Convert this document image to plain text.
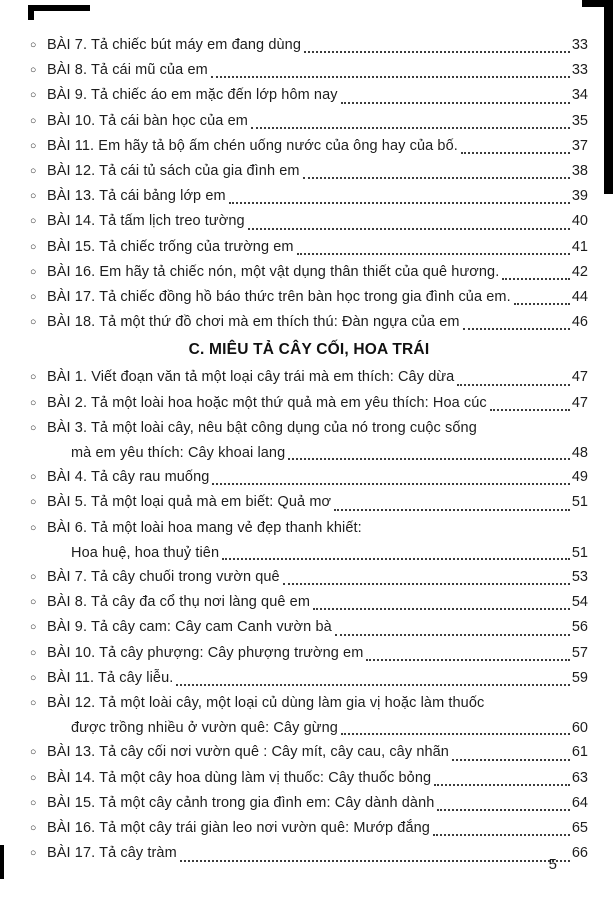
○ BÀI 7. Tả chiếc bút máy em đang dùng	33
○ BÀI 8. Tả cái mũ của em	33
○ BÀI 9. Tả chiếc áo em mặc đến lớp hôm nay	34
○ BÀI 10. Tả cái bàn học của em	35
○ BÀI 11. Em hãy tả bộ ấm chén uống nước của ông hay của bố.	37
○ BÀI 12. Tả cái tủ sách của gia đình em	38
○ BÀI 13. Tả cái bảng lớp em	39
○ BÀI 14. Tả tấm lịch treo tường	40
○ BÀI 15. Tả chiếc trống của trường em	41
○ BÀI 16. Em hãy tả chiếc nón, một vật dụng thân thiết của quê hương.	42
○ BÀI 17. Tả chiếc đồng hồ báo thức trên bàn học trong gia đình của em.	44
○ BÀI 18. Tả một thứ đồ chơi mà em thích thú: Đàn ngựa của em	46
C. MIÊU TẢ CÂY CỐI, HOA TRÁI
○ BÀI 1. Viết đoạn văn tả một loại cây trái mà em thích: Cây dừa	47
○ BÀI 2. Tả một loài hoa hoặc một thứ quả mà em yêu thích: Hoa cúc	47
○ BÀI 3. Tả một loài cây, nêu bật công dụng của nó trong cuộc sống
mà em yêu thích: Cây khoai lang	48
○ BÀI 4. Tả cây rau muống	49
○ BÀI 5. Tả một loại quả mà em biết: Quả mơ	51
○ BÀI 6. Tả một loài hoa mang vẻ đẹp thanh khiết:
Hoa huệ, hoa thuỷ tiên	51
○ BÀI 7. Tả cây chuối trong vườn quê	53
○ BÀI 8. Tả cây đa cổ thụ nơi làng quê em	54
○ BÀI 9. Tả cây cam: Cây cam Canh vườn bà	56
○ BÀI 10. Tả cây phượng: Cây phượng trường em	57
○ BÀI 11. Tả cây liễu.	59
○ BÀI 12. Tả một loài cây, một loại củ dùng làm gia vị hoặc làm thuốc
được trồng nhiều ở vườn quê: Cây gừng	60
○ BÀI 13. Tả cây cối nơi vườn quê : Cây mít, cây cau, cây nhãn	61
○ BÀI 14. Tả một cây hoa dùng làm vị thuốc: Cây thuốc bỏng	63
○ BÀI 15. Tả một cây cảnh trong gia đình em: Cây dành dành	64
○ BÀI 16. Tả một cây trái giàn leo nơi vườn quê: Mướp đắng	65
○ BÀI 17. Tả cây tràm	66
5
